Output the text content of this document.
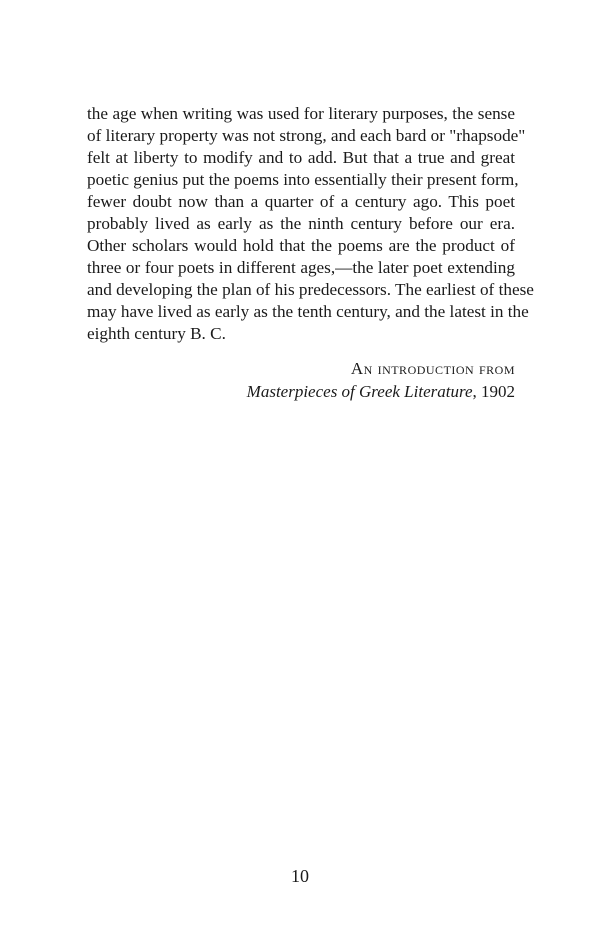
the age when writing was used for literary purposes, the sense
of literary property was not strong, and each bard or "rhapsode"
felt at liberty to modify and to add. But that a true and great
poetic genius put the poems into essentially their present form,
fewer doubt now than a quarter of a century ago. This poet
probably lived as early as the ninth century before our era.
Other scholars would hold that the poems are the product of
three or four poets in different ages,—the later poet extending
and developing the plan of his predecessors. The earliest of these
may have lived as early as the tenth century, and the latest in the
eighth century B. C.
An introduction from
Masterpieces of Greek Literature, 1902
10
